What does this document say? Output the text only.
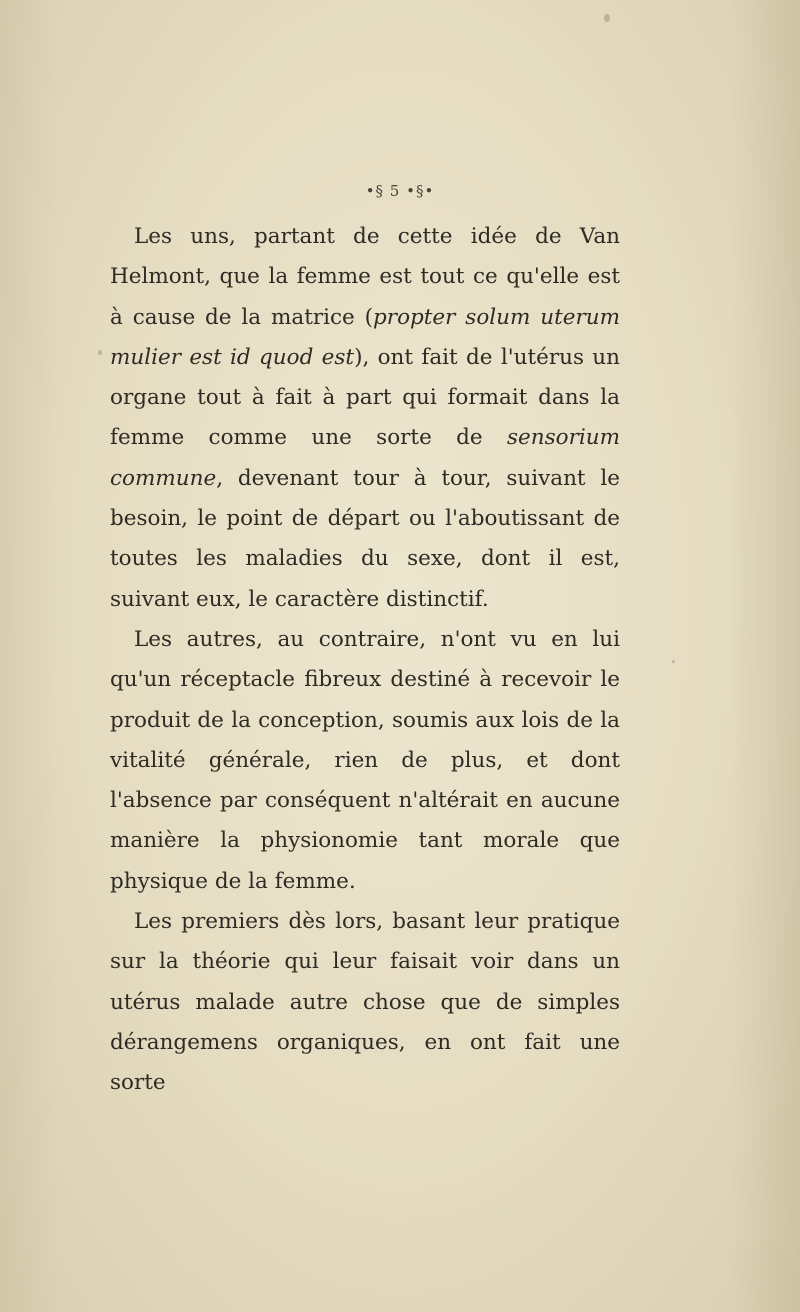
•§ 5 •§•

Les uns, partant de cette idée de Van Helmont, que la femme est tout ce qu'elle est à cause de la matrice (propter solum uterum mulier est id quod est), ont fait de l'utérus un organe tout à fait à part qui formait dans la femme comme une sorte de sensorium commune, devenant tour à tour, suivant le besoin, le point de départ ou l'aboutissant de toutes les maladies du sexe, dont il est, suivant eux, le caractère distinctif.

Les autres, au contraire, n'ont vu en lui qu'un réceptacle fibreux destiné à recevoir le produit de la conception, soumis aux lois de la vitalité générale, rien de plus, et dont l'absence par conséquent n'altérait en aucune manière la physionomie tant morale que physique de la femme.

Les premiers dès lors, basant leur pratique sur la théorie qui leur faisait voir dans un utérus malade autre chose que de simples dérangemens organiques, en ont fait une sorte
